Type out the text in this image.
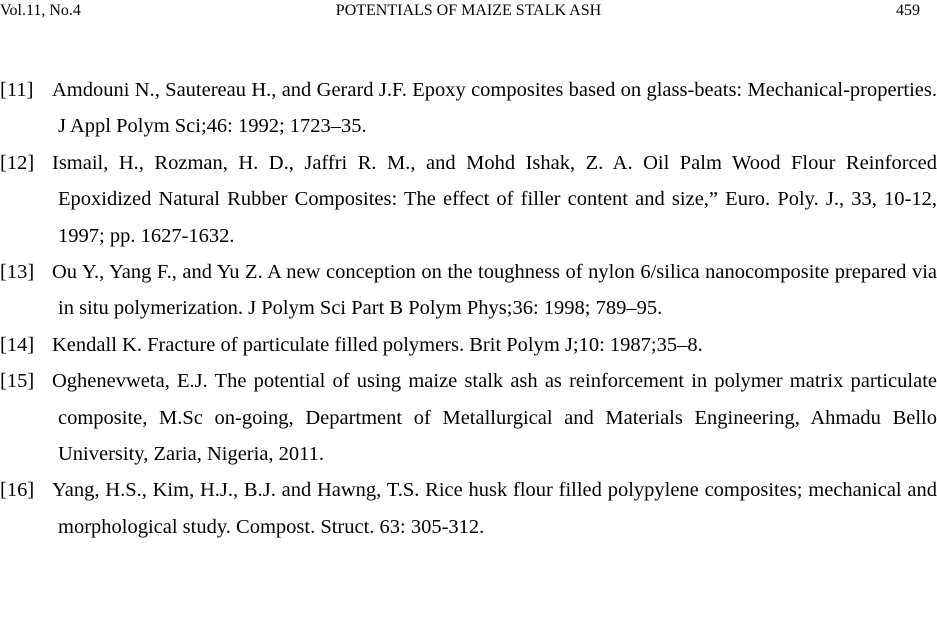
Vol.11, No.4	POTENTIALS OF MAIZE STALK ASH	459

[11] Amdouni N., Sautereau H., and Gerard J.F. Epoxy composites based on glass-beats: Mechanical-properties. J Appl Polym Sci;46: 1992; 1723–35.

[12] Ismail, H., Rozman, H. D., Jaffri R. M., and Mohd Ishak, Z. A. Oil Palm Wood Flour Reinforced Epoxidized Natural Rubber Composites: The effect of filler content and size,” Euro. Poly. J., 33, 10-12, 1997; pp. 1627-1632.

[13] Ou Y., Yang F., and Yu Z. A new conception on the toughness of nylon 6/silica nanocomposite prepared via in situ polymerization. J Polym Sci Part B Polym Phys;36: 1998; 789–95.

[14] Kendall K. Fracture of particulate filled polymers. Brit Polym J;10: 1987;35–8.

[15] Oghenevweta, E.J. The potential of using maize stalk ash as reinforcement in polymer matrix particulate composite, M.Sc on-going, Department of Metallurgical and Materials Engineering, Ahmadu Bello University, Zaria, Nigeria, 2011.

[16] Yang, H.S., Kim, H.J., B.J. and Hawng, T.S. Rice husk flour filled polypylene composites; mechanical and morphological study. Compost. Struct. 63: 305-312.
